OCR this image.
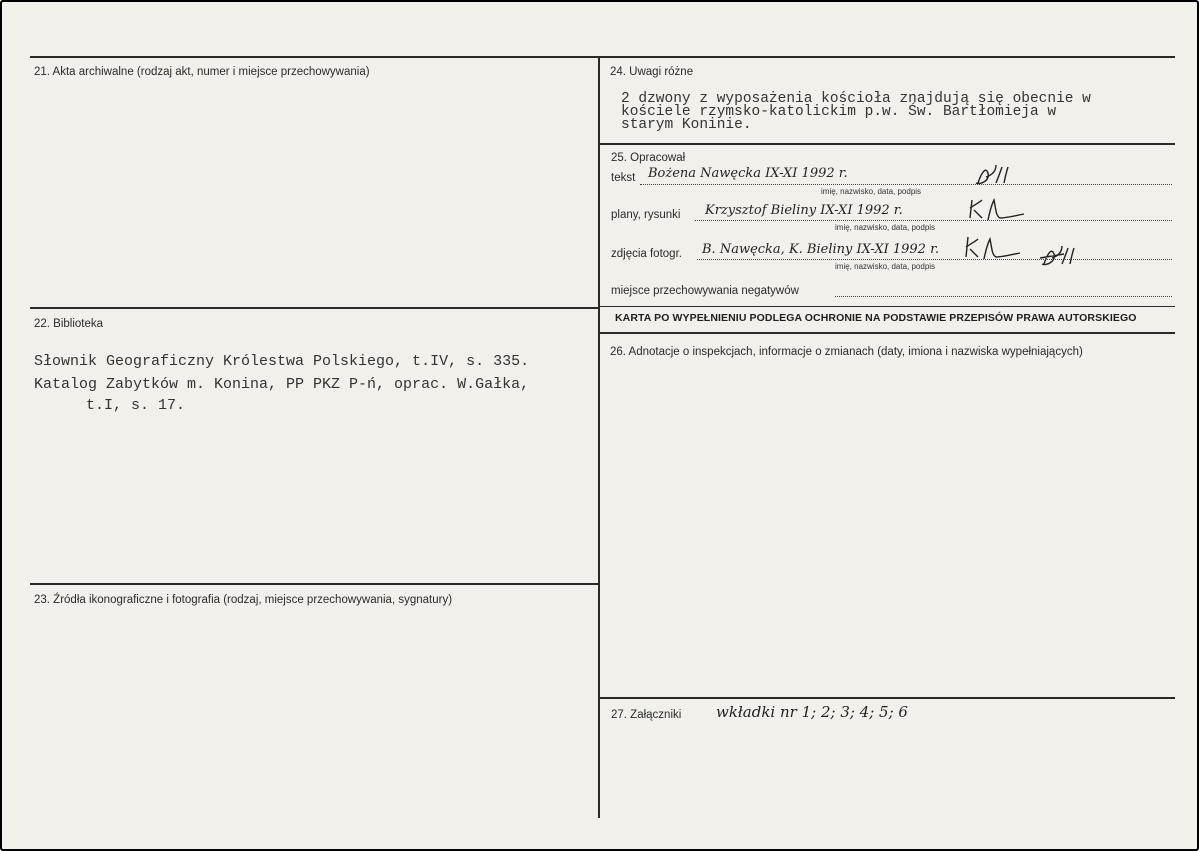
21. Akta archiwalne (rodzaj akt, numer i miejsce przechowywania)
22. Biblioteka
Słownik Geograficzny Królestwa Polskiego, t.IV, s. 335.
Katalog Zabytków m. Konina, PP PKZ P-ń, oprac. W.Gałka,
t.I, s. 17.
23. Źródła ikonograficzne i fotografia (rodzaj, miejsce przechowywania, sygnatury)
24. Uwagi różne
2 dzwony z wyposażenia kościoła znajdują się obecnie w
kościele rzymsko-katolickim p.w. Św. Bartłomieja w
starym Koninie.
25. Opracował
tekst Bożena Nawęcka IX-XI 1992 r.
imię, nazwisko, data, podpis
plany, rysunki Krzysztof Bieliny IX-XI 1992 r.
imię, nazwisko, data, podpis
zdjęcia fotogr. B. Nawęcka, K. Bieliny IX-XI 1992 r.
imię, nazwisko, data, podpis
miejsce przechowywania negatywów
KARTA PO WYPEŁNIENIU PODLEGA OCHRONIE NA PODSTAWIE PRZEPISÓW PRAWA AUTORSKIEGO
26. Adnotacje o inspekcjach, informacje o zmianach (daty, imiona i nazwiska wypełniających)
27. Załączniki wkładki nr 1; 2; 3; 4; 5; 6
